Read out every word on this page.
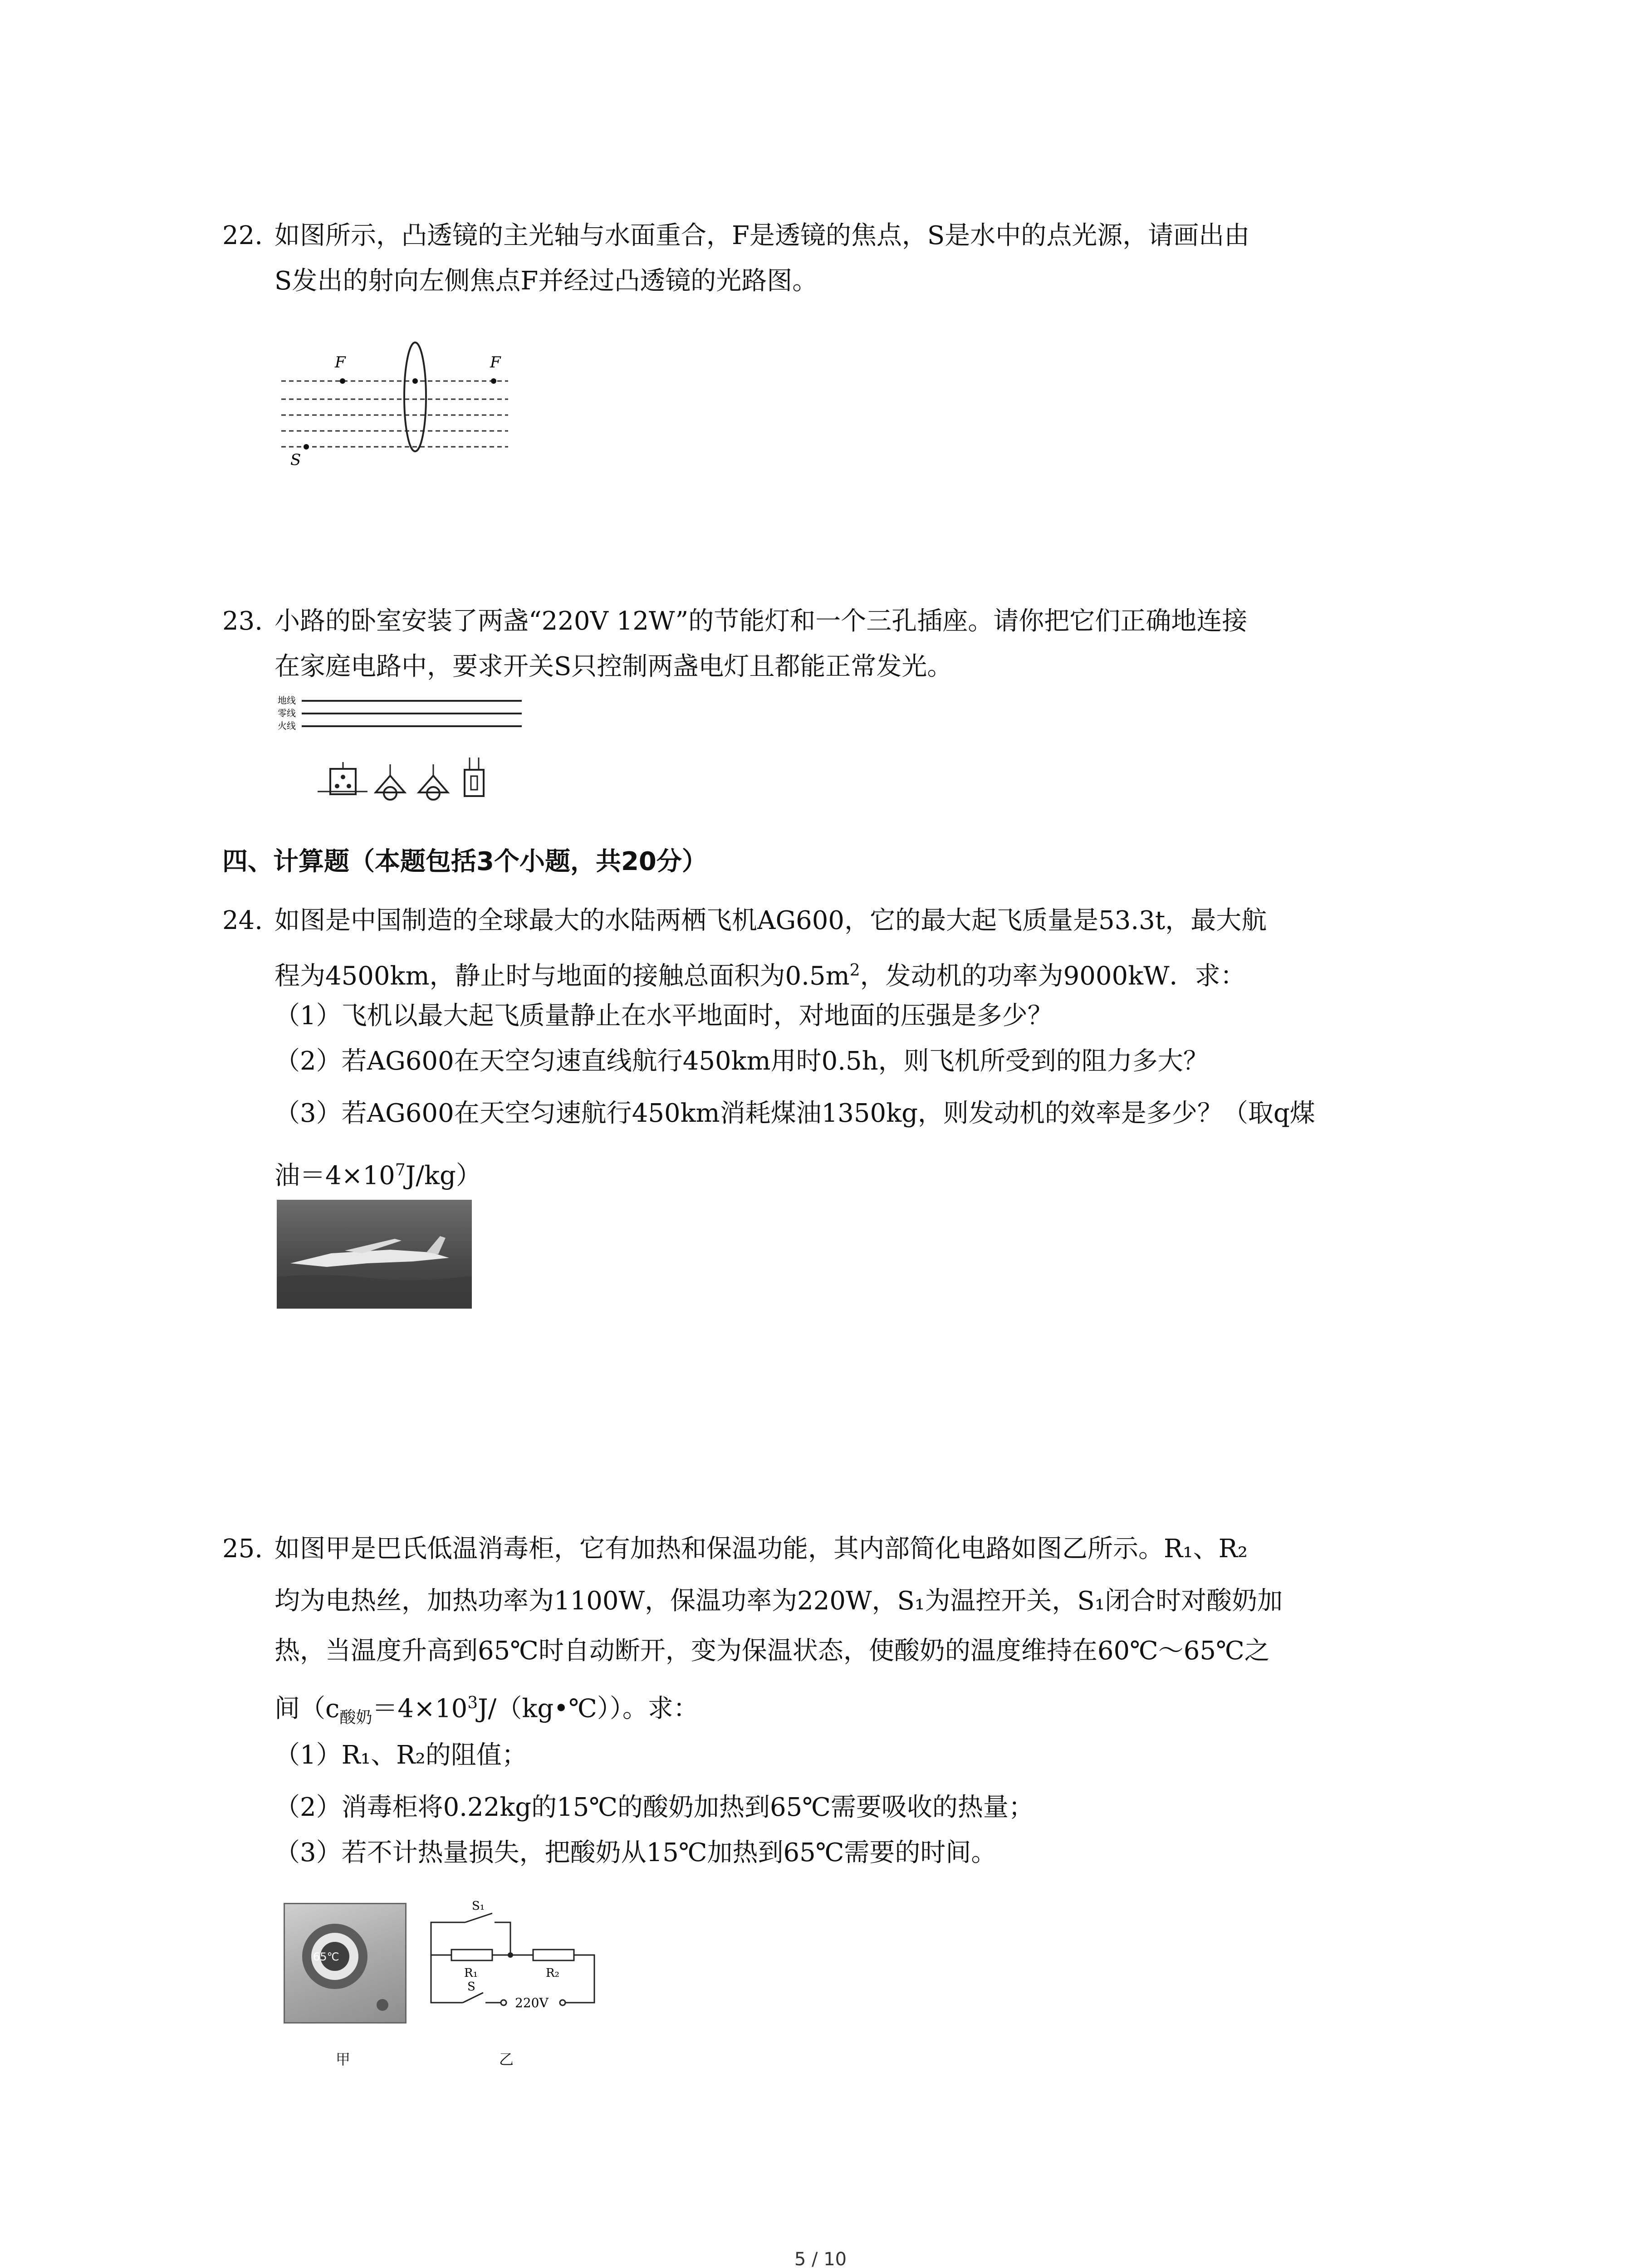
22. 如图所示，凸透镜的主光轴与水面重合，F是透镜的焦点，S是水中的点光源，请画出由
S发出的射向左侧焦点F并经过凸透镜的光路图。
F	F
S
23. 小路的卧室安装了两盏“220V 12W”的节能灯和一个三孔插座。请你把它们正确地连接
在家庭电路中，要求开关S只控制两盏电灯且都能正常发光。
地线
零线
火线
四、计算题（本题包括3个小题，共20分）
24. 如图是中国制造的全球最大的水陆两栖飞机AG600，它的最大起飞质量是53.3t，最大航
程为4500km，静止时与地面的接触总面积为$0.5m^2$，发动机的功率为9000kW．求：
（1）飞机以最大起飞质量静止在水平地面时，对地面的压强是多少？
（2）若AG600在天空匀速直线航行450km用时0.5h，则飞机所受到的阻力多大？
（3）若AG600在天空匀速航行450km消耗煤油1350kg，则发动机的效率是多少？（取q煤
油$=4\times 10^7J/kg$）
25. 如图甲是巴氏低温消毒柜，它有加热和保温功能，其内部简化电路如图乙所示。R₁、R₂
均为电热丝，加热功率为1100W，保温功率为220W，S₁为温控开关，S₁闭合时对酸奶加
热，当温度升高到65℃时自动断开，变为保温状态，使酸奶的温度维持在60℃～65℃之
间$(c_{酸奶}=4\times 10^3J/(kg•℃))$。求：
（1）R₁、R₂的阻值；
（2）消毒柜将0.22kg的15℃的酸奶加热到65℃需要吸收的热量；
（3）若不计热量损失，把酸奶从15℃加热到65℃需要的时间。
65℃
甲
S₁
R₁	R₂
S
220V
乙
5 / 10
